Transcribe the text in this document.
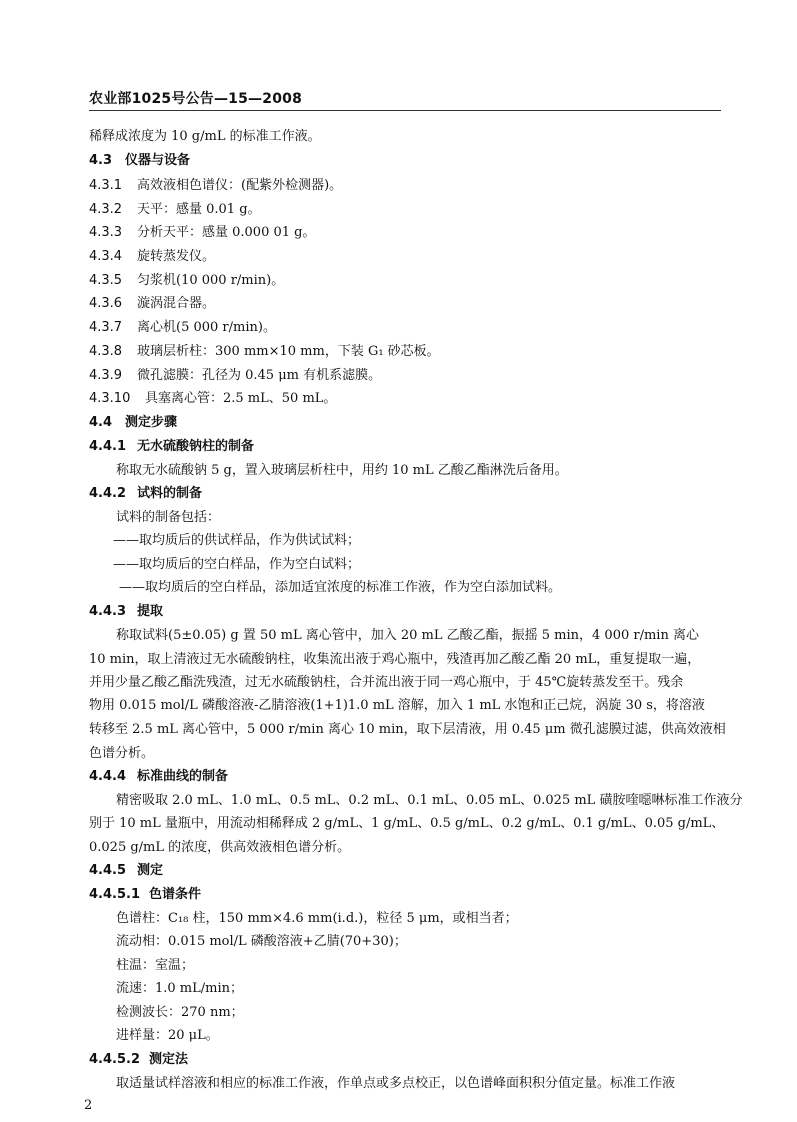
农业部1025号公告—15—2008
稀释成浓度为 10 g/mL 的标准工作液。
4.3 仪器与设备
4.3.1 高效液相色谱仪：(配紫外检测器)。
4.3.2 天平：感量 0.01 g。
4.3.3 分析天平：感量 0.000 01 g。
4.3.4 旋转蒸发仪。
4.3.5 匀浆机(10 000 r/min)。
4.3.6 漩涡混合器。
4.3.7 离心机(5 000 r/min)。
4.3.8 玻璃层析柱：300 mm×10 mm，下装 G₁ 砂芯板。
4.3.9 微孔滤膜：孔径为 0.45 μm 有机系滤膜。
4.3.10 具塞离心管：2.5 mL、50 mL。
4.4 测定步骤
4.4.1 无水硫酸钠柱的制备
称取无水硫酸钠 5 g，置入玻璃层析柱中，用约 10 mL 乙酸乙酯淋洗后备用。
4.4.2 试料的制备
试料的制备包括：
——取均质后的供试样品，作为供试试料；
——取均质后的空白样品，作为空白试料；
——取均质后的空白样品，添加适宜浓度的标准工作液，作为空白添加试料。
4.4.3 提取
称取试料(5±0.05) g 置 50 mL 离心管中，加入 20 mL 乙酸乙酯，振摇 5 min，4 000 r/min 离心
10 min，取上清液过无水硫酸钠柱，收集流出液于鸡心瓶中，残渣再加乙酸乙酯 20 mL，重复提取一遍，
并用少量乙酸乙酯洗残渣，过无水硫酸钠柱，合并流出液于同一鸡心瓶中，于 45℃旋转蒸发至干。残余
物用 0.015 mol/L 磷酸溶液-乙腈溶液(1+1)1.0 mL 溶解，加入 1 mL 水饱和正己烷，涡旋 30 s，将溶液
转移至 2.5 mL 离心管中，5 000 r/min 离心 10 min，取下层清液，用 0.45 μm 微孔滤膜过滤，供高效液相
色谱分析。
4.4.4 标准曲线的制备
精密吸取 2.0 mL、1.0 mL、0.5 mL、0.2 mL、0.1 mL、0.05 mL、0.025 mL 磺胺喹噁啉标准工作液分
别于 10 mL 量瓶中，用流动相稀释成 2 g/mL、1 g/mL、0.5 g/mL、0.2 g/mL、0.1 g/mL、0.05 g/mL、
0.025 g/mL 的浓度，供高效液相色谱分析。
4.4.5 测定
4.4.5.1 色谱条件
色谱柱：C₁₈ 柱，150 mm×4.6 mm(i.d.)，粒径 5 μm，或相当者；
流动相：0.015 mol/L 磷酸溶液+乙腈(70+30)；
柱温：室温；
流速：1.0 mL/min；
检测波长：270 nm；
进样量：20 μL。
4.4.5.2 测定法
取适量试样溶液和相应的标准工作液，作单点或多点校正，以色谱峰面积积分值定量。标准工作液
2
